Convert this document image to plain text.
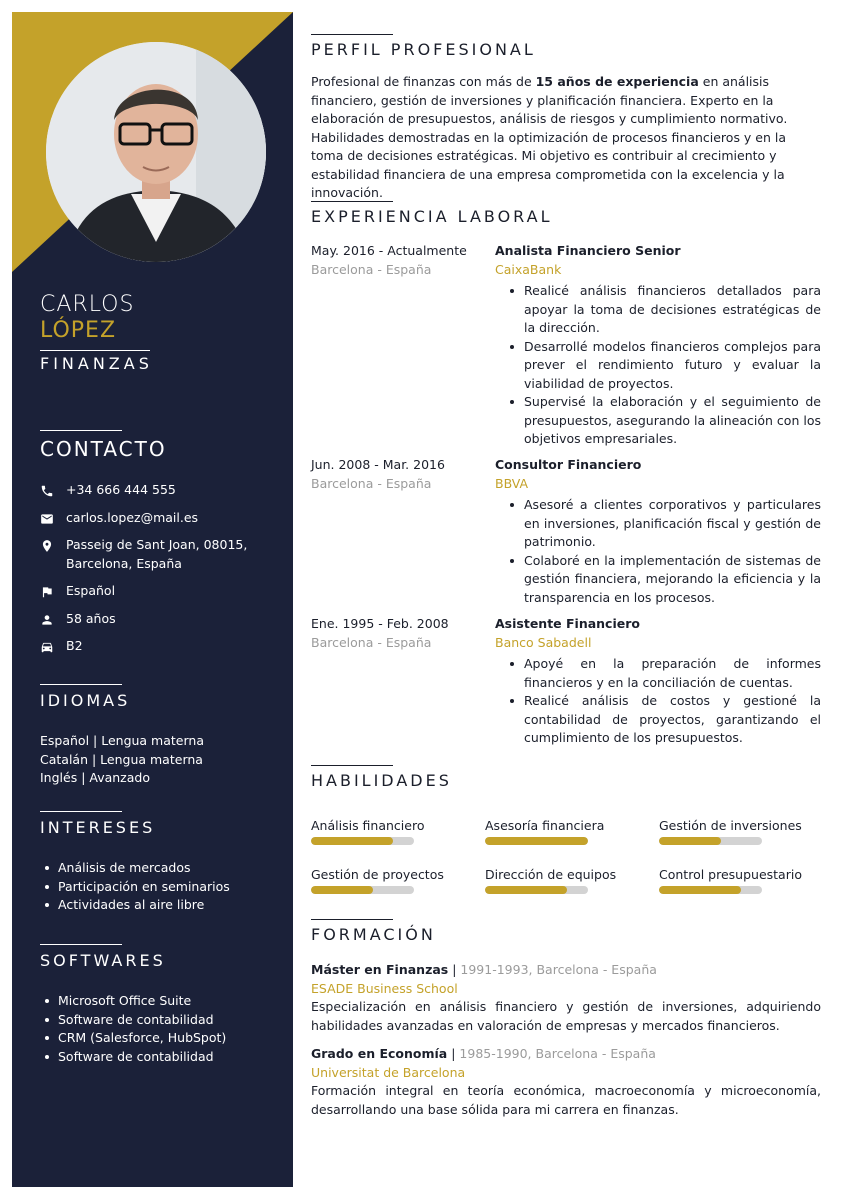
CARLOS
LÓPEZ
FINANZAS
CONTACTO
+34 666 444 555
carlos.lopez@mail.es
Passeig de Sant Joan, 08015,
Barcelona, España
Español
58 años
B2
IDIOMAS
Español | Lengua materna
Catalán | Lengua materna
Inglés | Avanzado
INTERESES
Análisis de mercados
Participación en seminarios
Actividades al aire libre
SOFTWARES
Microsoft Office Suite
Software de contabilidad
CRM (Salesforce, HubSpot)
Software de contabilidad
PERFIL PROFESIONAL

Profesional de finanzas con más de 15 años de experiencia en análisis financiero, gestión de inversiones y planificación financiera. Experto en la elaboración de presupuestos, análisis de riesgos y cumplimiento normativo. Habilidades demostradas en la optimización de procesos financieros y en la toma de decisiones estratégicas. Mi objetivo es contribuir al crecimiento y estabilidad financiera de una empresa comprometida con la excelencia y la innovación.

EXPERIENCIA LABORAL
May. 2016 - Actualmente
Barcelona - España
Analista Financiero Senior
CaixaBank
Realicé análisis financieros detallados para apoyar la toma de decisiones estratégicas de la dirección.
Desarrollé modelos financieros complejos para prever el rendimiento futuro y evaluar la viabilidad de proyectos.
Supervisé la elaboración y el seguimiento de presupuestos, asegurando la alineación con los objetivos empresariales.
Jun. 2008 - Mar. 2016
Barcelona - España
Consultor Financiero
BBVA
Asesoré a clientes corporativos y particulares en inversiones, planificación fiscal y gestión de patrimonio.
Colaboré en la implementación de sistemas de gestión financiera, mejorando la eficiencia y la transparencia en los procesos.
Ene. 1995 - Feb. 2008
Barcelona - España
Asistente Financiero
Banco Sabadell
Apoyé en la preparación de informes financieros y en la conciliación de cuentas.
Realicé análisis de costos y gestioné la contabilidad de proyectos, garantizando el cumplimiento de los presupuestos.
HABILIDADES
Análisis financiero	Asesoría financiera	Gestión de inversiones
Gestión de proyectos	Dirección de equipos	Control presupuestario
FORMACIÓN
Máster en Finanzas | 1991-1993, Barcelona - España
ESADE Business School
Especialización en análisis financiero y gestión de inversiones, adquiriendo habilidades avanzadas en valoración de empresas y mercados financieros.
Grado en Economía | 1985-1990, Barcelona - España
Universitat de Barcelona
Formación integral en teoría económica, macroeconomía y microeconomía, desarrollando una base sólida para mi carrera en finanzas.
